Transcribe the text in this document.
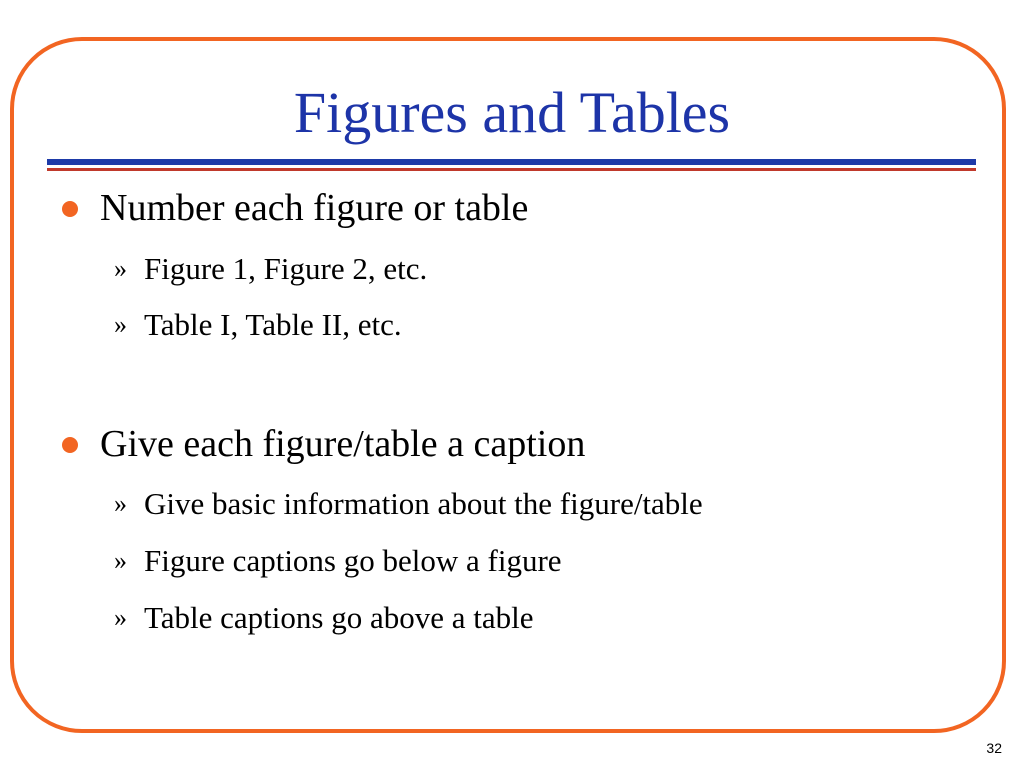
Figures and Tables
Number each figure or table
» Figure 1, Figure 2, etc.
» Table I, Table II, etc.
Give each figure/table a caption
» Give basic information about the figure/table
» Figure captions go below a figure
» Table captions go above a table
32
